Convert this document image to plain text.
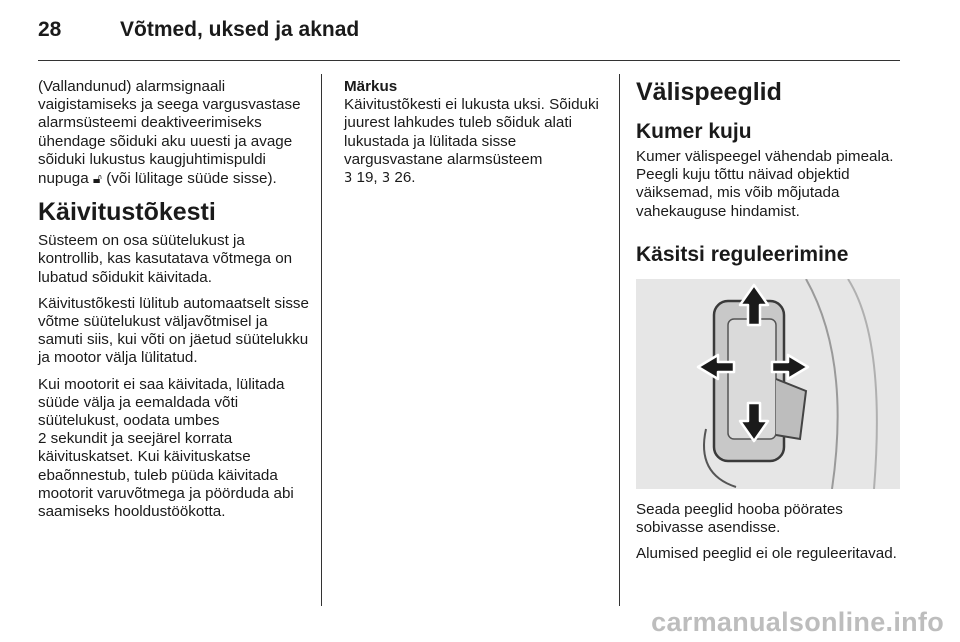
28	Võtmed, uksed ja aknad

(Vallandunud) alarmsignaali vaigistamiseks ja seega vargusvastase alarmsüsteemi deaktiveerimiseks ühendage sõiduki aku uuesti ja avage sõiduki lukustus kaugjuhtimispuldi nupuga 🔓︎ (või lülitage süüde sisse).

Käivitustõkesti

Süsteem on osa süütelukust ja kontrollib, kas kasutatava võtmega on lubatud sõidukit käivitada.

Käivitustõkesti lülitub automaatselt sisse võtme süütelukust väljavõtmisel ja samuti siis, kui võti on jäetud süütelukku ja mootor välja lülitatud.

Kui mootorit ei saa käivitada, lülitada süüde välja ja eemaldada võti süütelukust, oodata umbes
2 sekundit ja seejärel korrata käivituskatset. Kui käivituskatse ebaõnnestub, tuleb püüda käivitada mootorit varuvõtmega ja pöörduda abi saamiseks hooldustöökotta.

Märkus
Käivitustõkesti ei lukusta uksi. Sõiduki juurest lahkudes tuleb sõiduk alati lukustada ja lülitada sisse vargusvastane alarmsüsteem
3 19, 3 26.

Välispeeglid
Kumer kuju

Kumer välispeegel vähendab pimeala. Peegli kuju tõttu näivad objektid väiksemad, mis võib mõjutada vahekauguse hindamist.

Käsitsi reguleerimine

Seada peeglid hooba pöörates sobivasse asendisse.

Alumised peeglid ei ole reguleeritavad.

carmanualsonline.info
